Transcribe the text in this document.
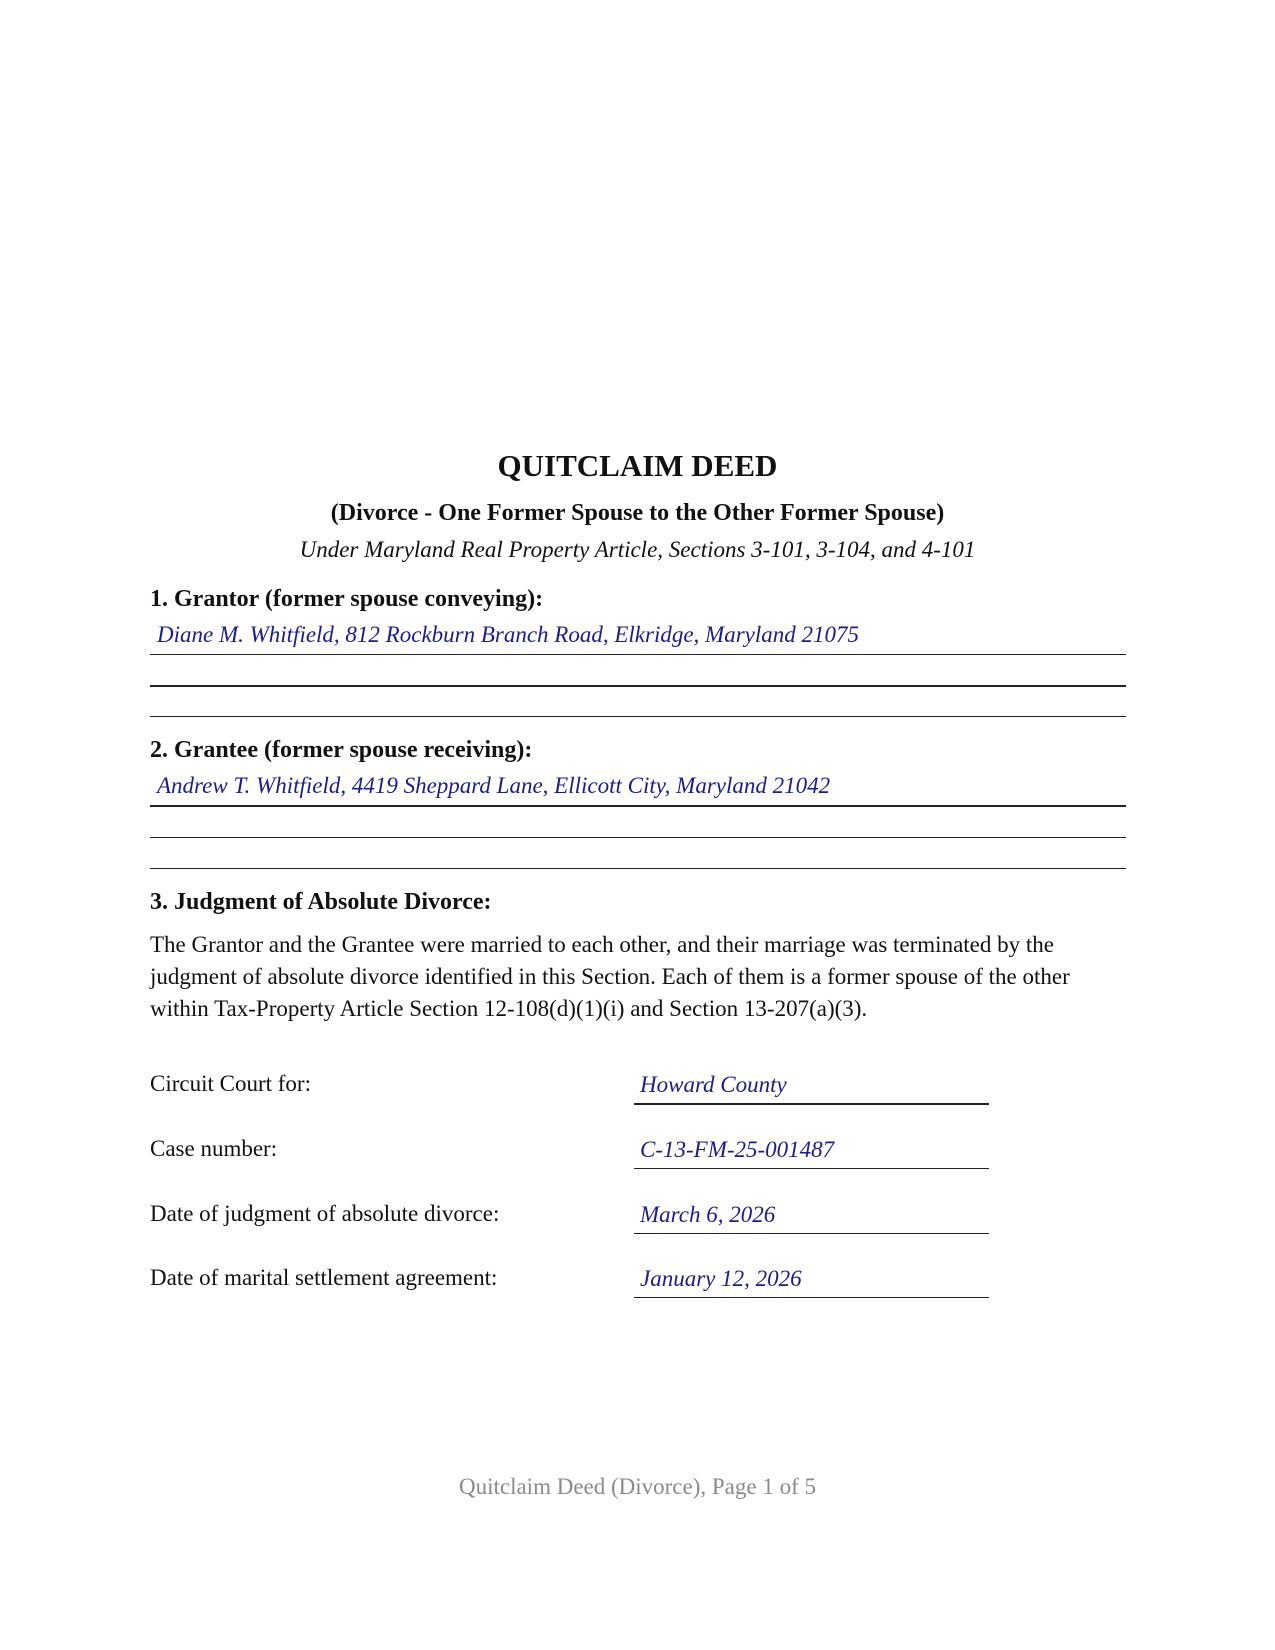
QUITCLAIM DEED
(Divorce - One Former Spouse to the Other Former Spouse)
Under Maryland Real Property Article, Sections 3-101, 3-104, and 4-101
1. Grantor (former spouse conveying):
Diane M. Whitfield, 812 Rockburn Branch Road, Elkridge, Maryland 21075
2. Grantee (former spouse receiving):
Andrew T. Whitfield, 4419 Sheppard Lane, Ellicott City, Maryland 21042
3. Judgment of Absolute Divorce:

The Grantor and the Grantee were married to each other, and their marriage was terminated by the judgment of absolute divorce identified in this Section. Each of them is a former spouse of the other within Tax-Property Article Section 12-108(d)(1)(i) and Section 13-207(a)(3).

Circuit Court for:	Howard County
Case number:	C-13-FM-25-001487
Date of judgment of absolute divorce:	March 6, 2026
Date of marital settlement agreement:	January 12, 2026
Quitclaim Deed (Divorce), Page 1 of 5
